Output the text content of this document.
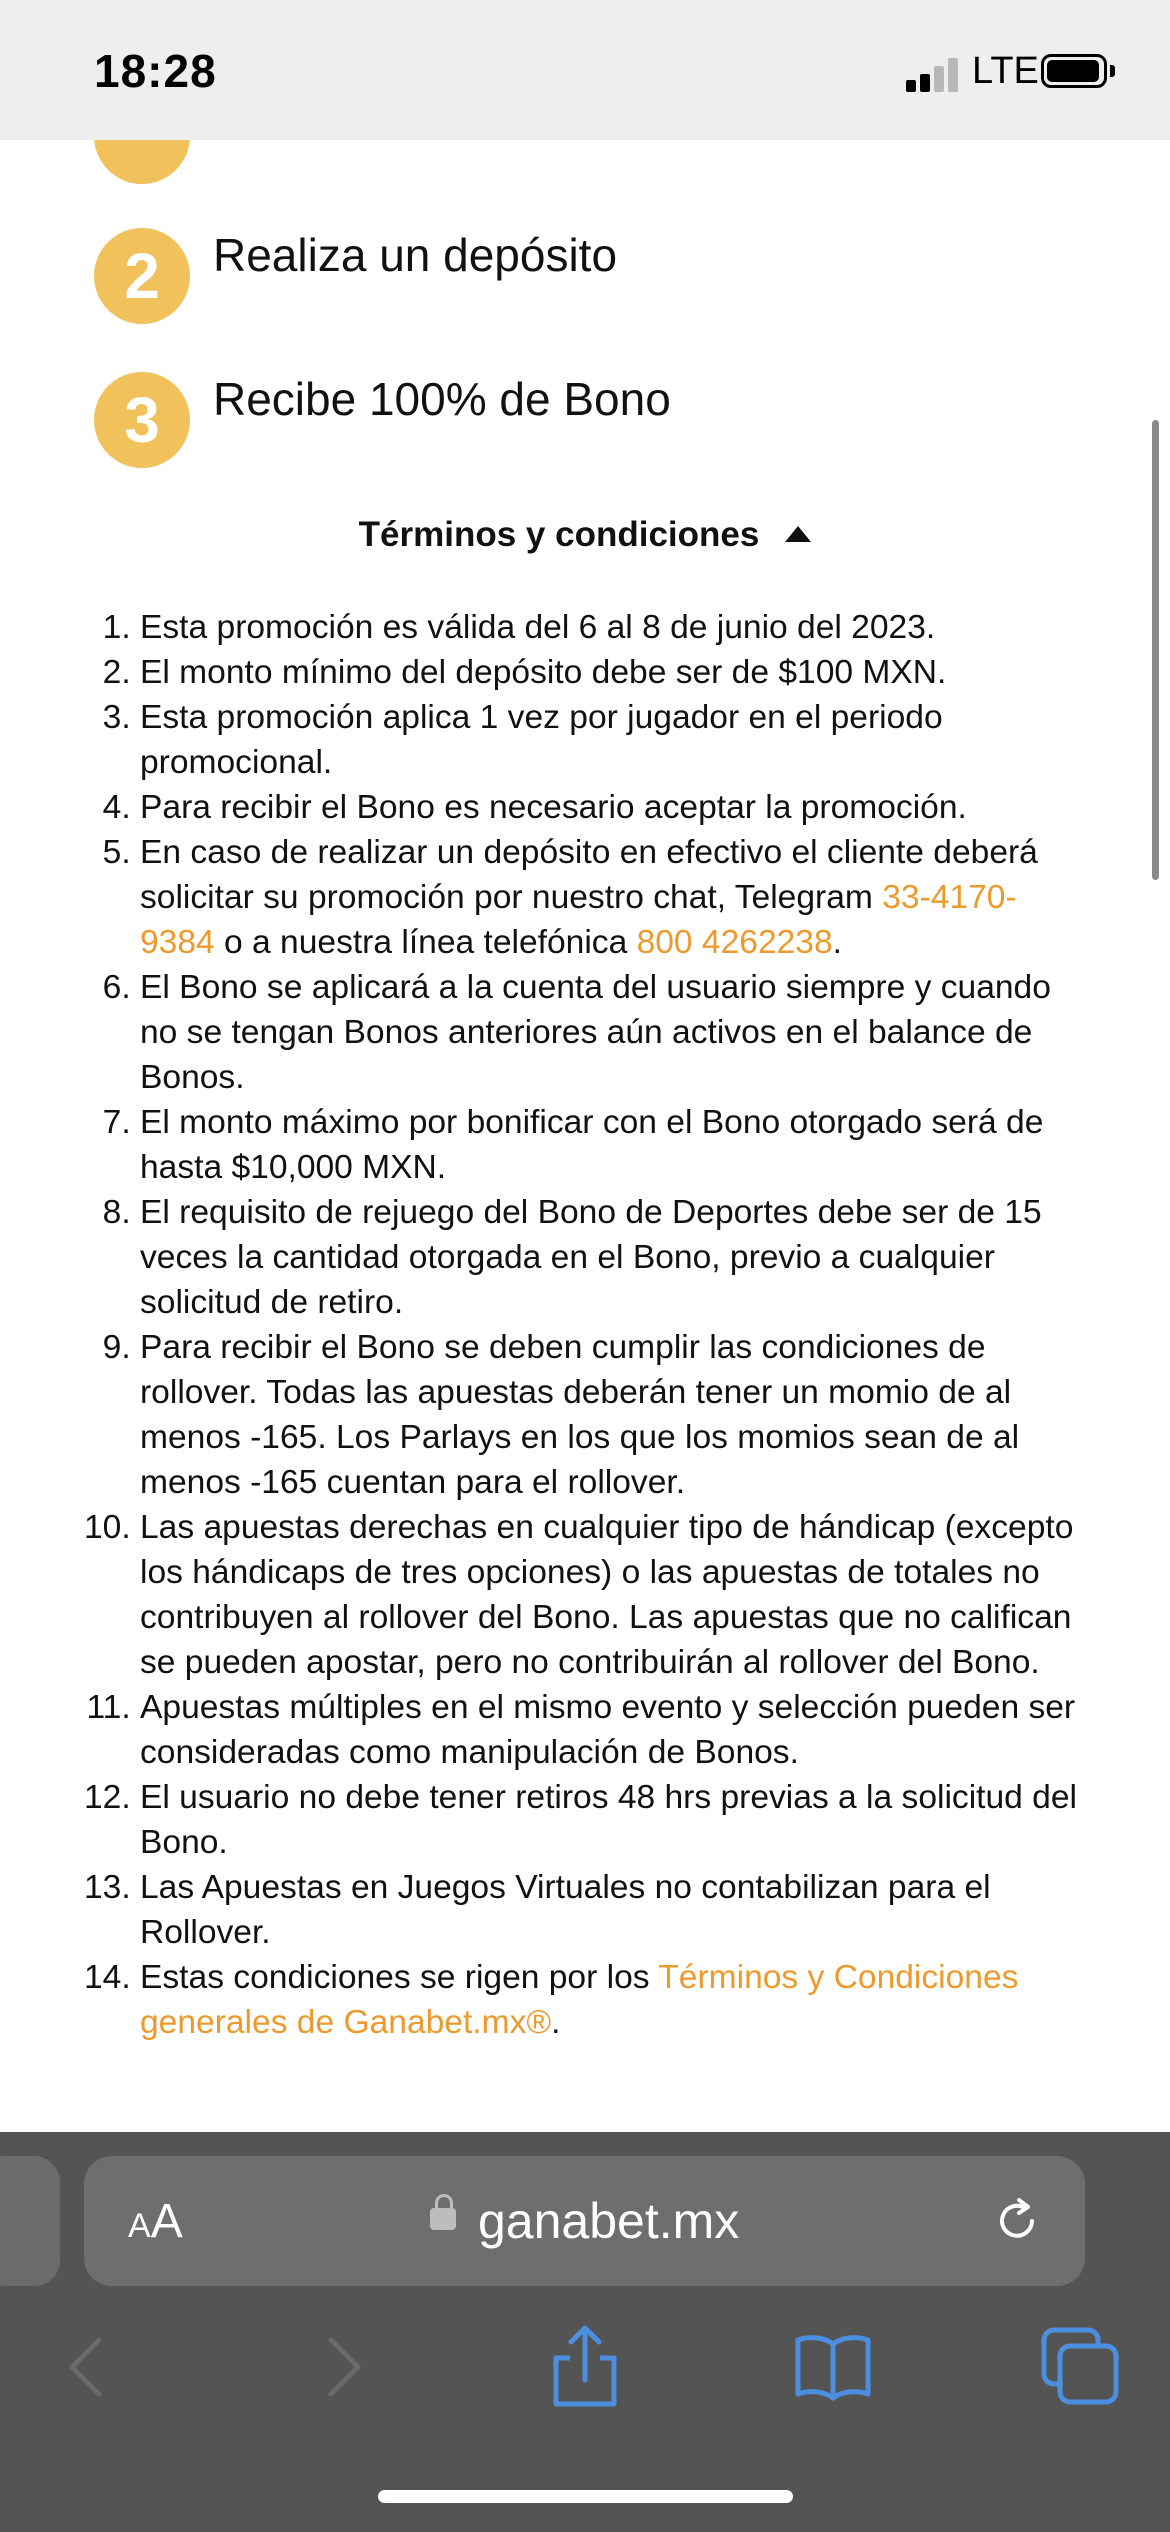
18:28	LTE
2	Realiza un depósito
3	Recibe 100% de Bono
Términos y condiciones
1. Esta promoción es válida del 6 al 8 de junio del 2023.
2. El monto mínimo del depósito debe ser de $100 MXN.
3. Esta promoción aplica 1 vez por jugador en el periodo promocional.
4. Para recibir el Bono es necesario aceptar la promoción.
5. En caso de realizar un depósito en efectivo el cliente deberá solicitar su promoción por nuestro chat, Telegram 33-4170-9384 o a nuestra línea telefónica 800 4262238.
6. El Bono se aplicará a la cuenta del usuario siempre y cuando no se tengan Bonos anteriores aún activos en el balance de Bonos.
7. El monto máximo por bonificar con el Bono otorgado será de hasta $10,000 MXN.
8. El requisito de rejuego del Bono de Deportes debe ser de 15 veces la cantidad otorgada en el Bono, previo a cualquier solicitud de retiro.
9. Para recibir el Bono se deben cumplir las condiciones de rollover. Todas las apuestas deberán tener un momio de al menos -165. Los Parlays en los que los momios sean de al menos -165 cuentan para el rollover.
10. Las apuestas derechas en cualquier tipo de hándicap (excepto los hándicaps de tres opciones) o las apuestas de totales no contribuyen al rollover del Bono. Las apuestas que no califican se pueden apostar, pero no contribuirán al rollover del Bono.
11. Apuestas múltiples en el mismo evento y selección pueden ser consideradas como manipulación de Bonos.
12. El usuario no debe tener retiros 48 hrs previas a la solicitud del Bono.
13. Las Apuestas en Juegos Virtuales no contabilizan para el Rollover.
14. Estas condiciones se rigen por los Términos y Condiciones generales de Ganabet.mx®.
AA	ganabet.mx
